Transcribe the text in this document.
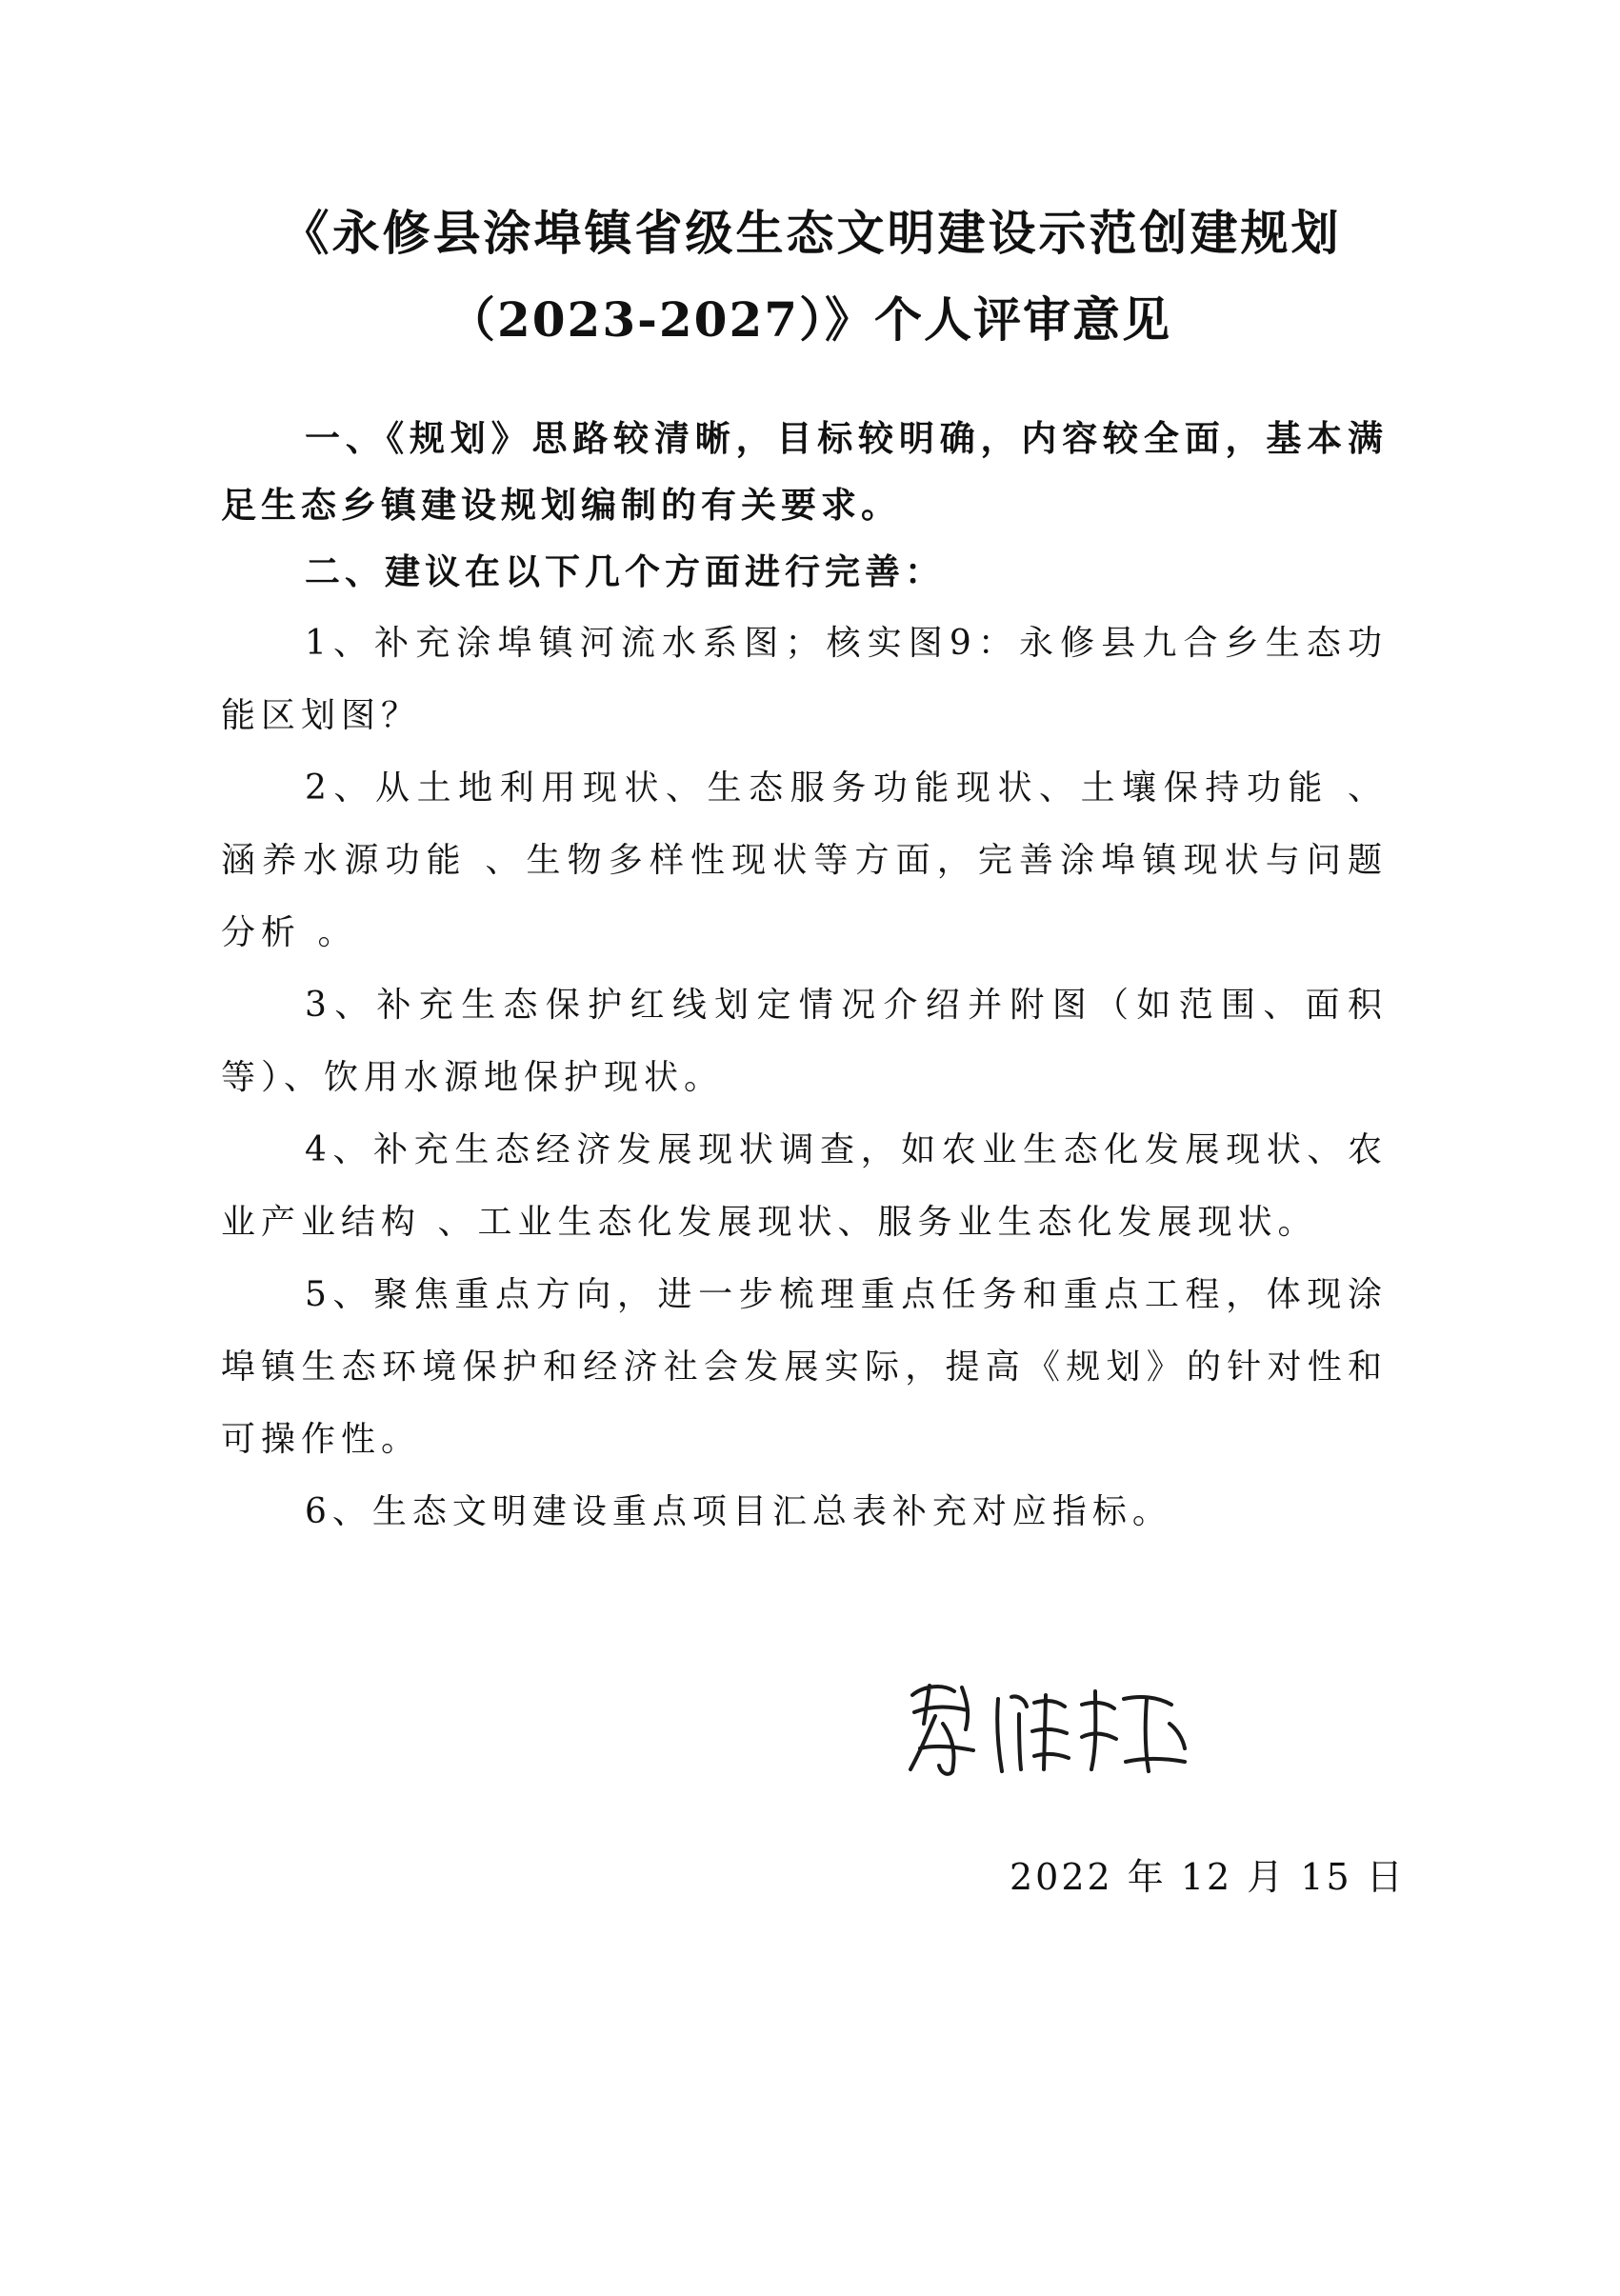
《永修县涂埠镇省级生态文明建设示范创建规划
（2023-2027）》个人评审意见

一、《规划》思路较清晰，目标较明确，内容较全面，基本满足生态乡镇建设规划编制的有关要求。

二、建议在以下几个方面进行完善：

1、补充涂埠镇河流水系图；核实图9：永修县九合乡生态功能区划图？

2、从土地利用现状、生态服务功能现状、土壤保持功能 、涵养水源功能 、生物多样性现状等方面，完善涂埠镇现状与问题分析 。

3、补充生态保护红线划定情况介绍并附图（如范围、面积等）、饮用水源地保护现状。

4、补充生态经济发展现状调查，如农业生态化发展现状、农业产业结构 、工业生态化发展现状、服务业生态化发展现状。

5、聚焦重点方向，进一步梳理重点任务和重点工程，体现涂埠镇生态环境保护和经济社会发展实际，提高《规划》的针对性和可操作性。

6、生态文明建设重点项目汇总表补充对应指标。

2022 年 12 月 15 日
